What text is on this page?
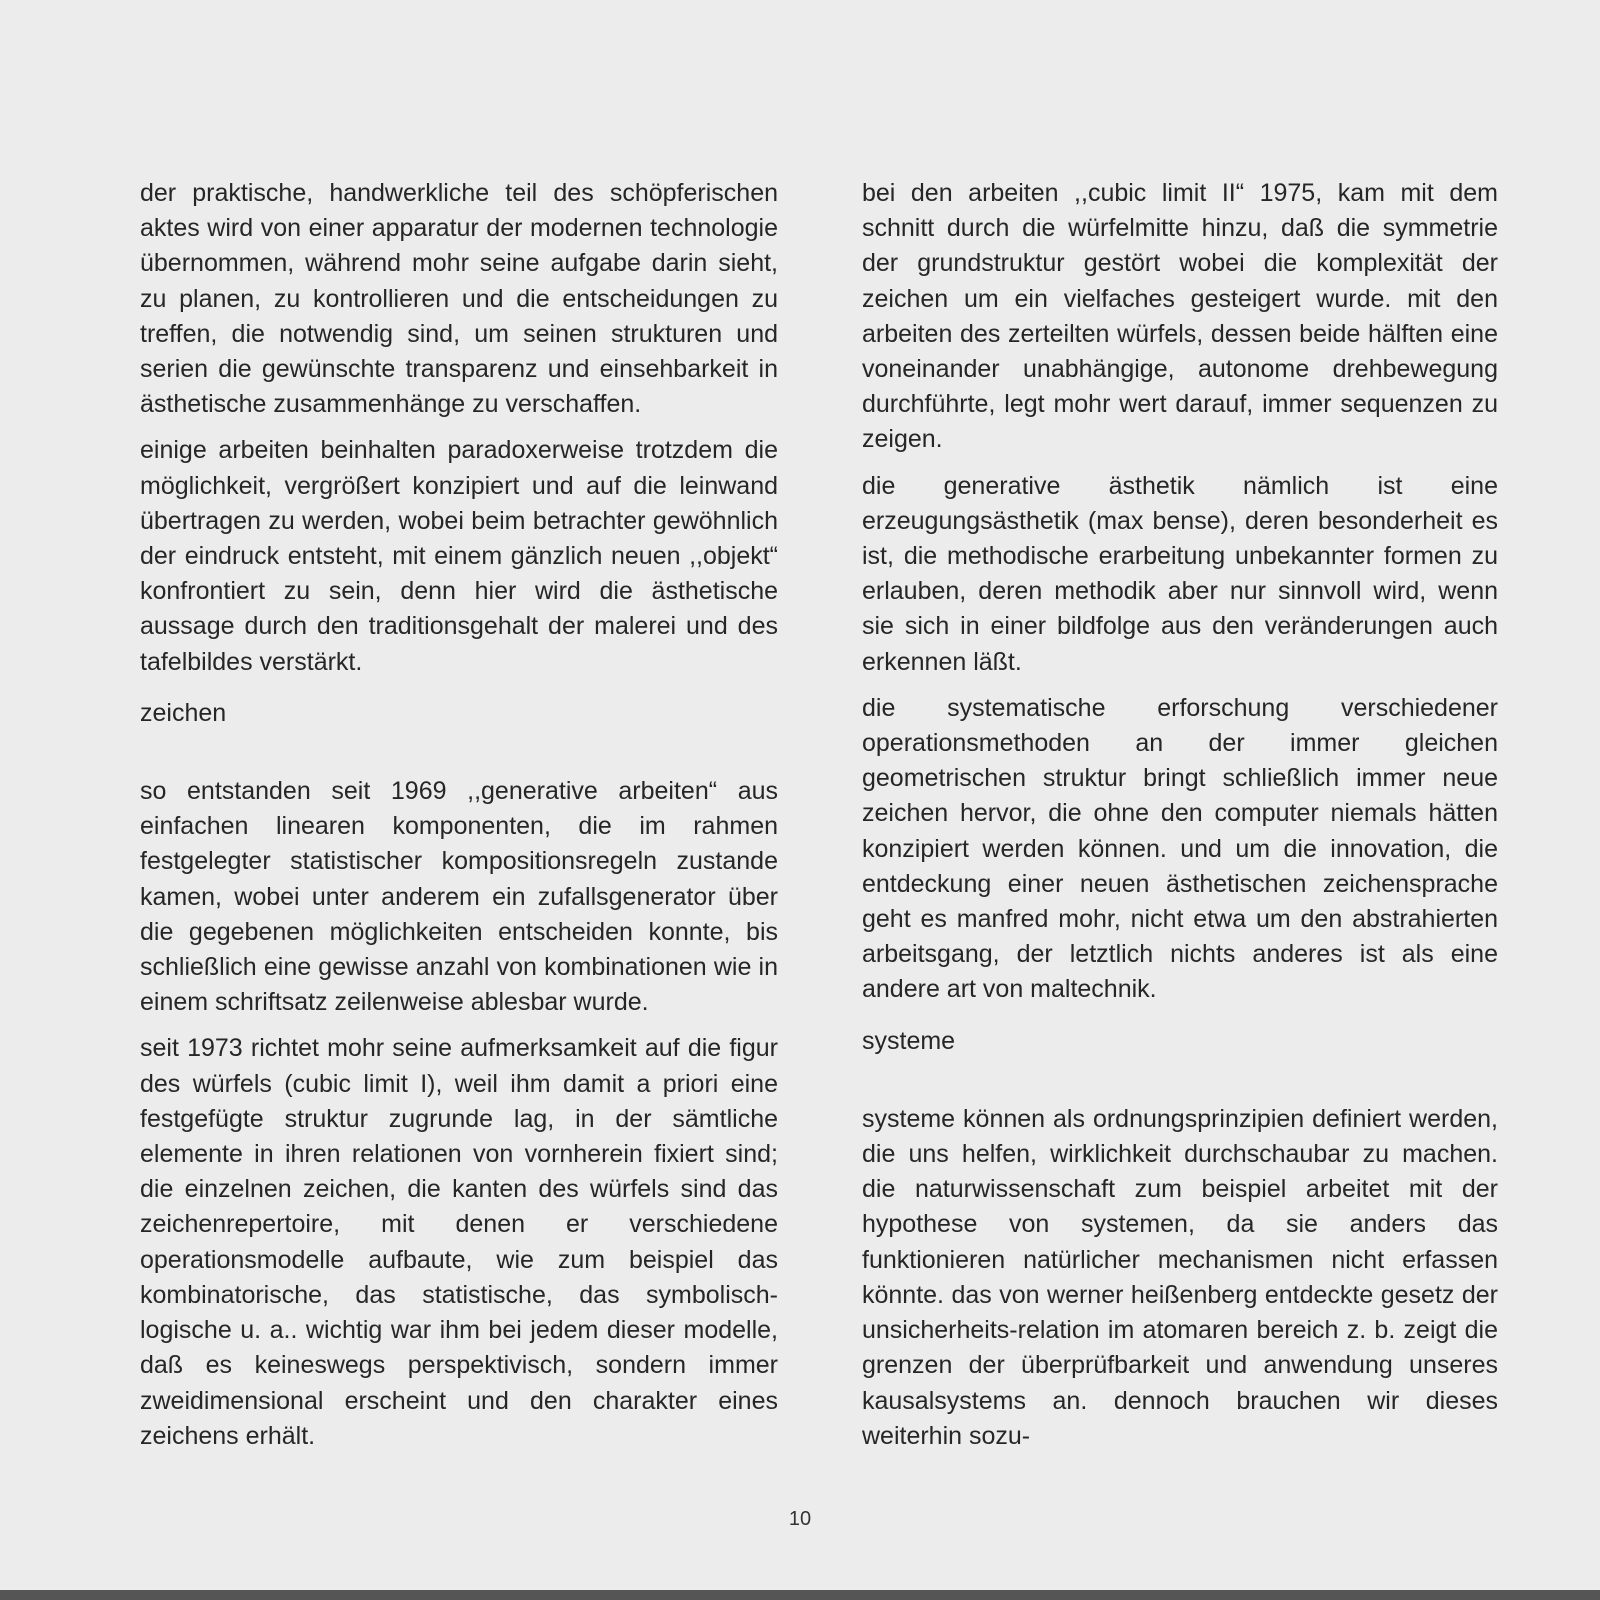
der praktische, handwerkliche teil des schöpferischen aktes wird von einer apparatur der modernen technologie übernommen, während mohr seine aufgabe darin sieht, zu planen, zu kontrollieren und die entscheidungen zu treffen, die notwendig sind, um seinen strukturen und serien die gewünschte transparenz und einsehbarkeit in ästhetische zusammenhänge zu verschaffen.

einige arbeiten beinhalten paradoxerweise trotzdem die möglichkeit, vergrößert konzipiert und auf die leinwand übertragen zu werden, wobei beim betrachter gewöhnlich der eindruck entsteht, mit einem gänzlich neuen ,,objekt“ konfrontiert zu sein, denn hier wird die ästhetische aussage durch den traditionsgehalt der malerei und des tafelbildes verstärkt.

zeichen

so entstanden seit 1969 ,,generative arbeiten“ aus einfachen linearen komponenten, die im rahmen festgelegter statistischer kompositionsregeln zustande kamen, wobei unter anderem ein zufallsgenerator über die gegebenen möglichkeiten entscheiden konnte, bis schließlich eine gewisse anzahl von kombinationen wie in einem schriftsatz zeilenweise ablesbar wurde.

seit 1973 richtet mohr seine aufmerksamkeit auf die figur des würfels (cubic limit I), weil ihm damit a priori eine festgefügte struktur zugrunde lag, in der sämtliche elemente in ihren relationen von vornherein fixiert sind; die einzelnen zeichen, die kanten des würfels sind das zeichenrepertoire, mit denen er verschiedene operationsmodelle aufbaute, wie zum beispiel das kombinatorische, das statistische, das symbolisch-logische u. a.. wichtig war ihm bei jedem dieser modelle, daß es keineswegs perspektivisch, sondern immer zweidimensional erscheint und den charakter eines zeichens erhält.

bei den arbeiten ,,cubic limit II“ 1975, kam mit dem schnitt durch die würfelmitte hinzu, daß die symmetrie der grundstruktur gestört wobei die komplexität der zeichen um ein vielfaches gesteigert wurde. mit den arbeiten des zerteilten würfels, dessen beide hälften eine voneinander unabhängige, autonome drehbewegung durchführte, legt mohr wert darauf, immer sequenzen zu zeigen.

die generative ästhetik nämlich ist eine erzeugungsästhetik (max bense), deren besonderheit es ist, die methodische erarbeitung unbekannter formen zu erlauben, deren methodik aber nur sinnvoll wird, wenn sie sich in einer bildfolge aus den veränderungen auch erkennen läßt.

die systematische erforschung verschiedener operationsmethoden an der immer gleichen geometrischen struktur bringt schließlich immer neue zeichen hervor, die ohne den computer niemals hätten konzipiert werden können. und um die innovation, die entdeckung einer neuen ästhetischen zeichensprache geht es manfred mohr, nicht etwa um den abstrahierten arbeitsgang, der letztlich nichts anderes ist als eine andere art von maltechnik.

systeme

systeme können als ordnungsprinzipien definiert werden, die uns helfen, wirklichkeit durchschaubar zu machen. die naturwissenschaft zum beispiel arbeitet mit der hypothese von systemen, da sie anders das funktionieren natürlicher mechanismen nicht erfassen könnte. das von werner heißenberg entdeckte gesetz der unsicherheits-relation im atomaren bereich z. b. zeigt die grenzen der überprüfbarkeit und anwendung unseres kausalsystems an. dennoch brauchen wir dieses weiterhin sozu-

10
